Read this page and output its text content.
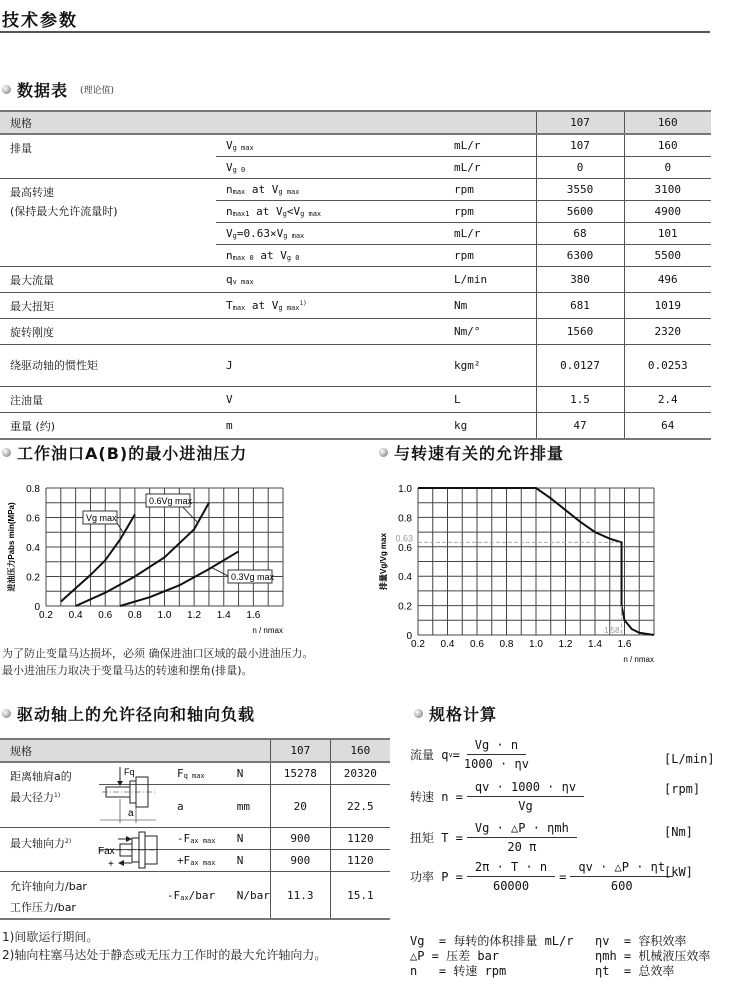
技术参数
数据表 (理论值)
规格			107	160
排量	Vg max	mL/r	107	160
	Vg 0	mL/r	0	0
最高转速
(保持最大允许流量时)	nmax at Vg max	rpm	3550	3100
	nmax1 at Vg<Vg max	rpm	5600	4900
	Vg=0.63×Vg max	mL/r	68	101
	nmax 0 at Vg 0	rpm	6300	5500
最大流量	qv max	L/min	380	496
最大扭矩	Tmax at Vg $\max^{1)}$	Nm	681	1019
旋转刚度		Nm/°	1560	2320
绕驱动轴的惯性矩	J	kgm²	0.0127	0.0253
注油量	V	L	1.5	2.4
重量 (约)	m	kg	47	64
工作油口A(B)的最小进油压力
0.2 0.4 0.6 0.8 1.0 1.2 1.4 1.6
0
0.2
0.4
0.6
0.8
n / nmax
进油压力Pabs min(MPa)	Vg max
0.6Vg max
0.3Vg max
为了防止变量马达损坏，必须 确保进油口区域的最小进油压力。
最小进油压力取决于变量马达的转速和摆角(排量)。
与转速有关的允许排量
0.2 0.4 0.6 0.8 1.0 1.2 1.4 1.6
0
0.2
0.4
0.6
0.8
1.0
n / nmax
排量Vg/Vg max 0.63
1:58
驱动轴上的允许径向和轴向负载
规格				107	160

距离轴肩a的
最大径力$^{1)}$
a
Fq		Fq max	N	15278	20320
		a	mm	20	22.5
最大轴向力$^{2)}$
Fax
+		-Fax max	N	900	1120
		+Fax max	N	900	1120

允许轴向力/bar
工作压力/bar		-Fax/bar	N/bar	11.3	15.1
1)间歇运行期间。
2)轴向柱塞马达处于静态或无压力工作时的最大允许轴向力。
规格计算
流量 q $v = \frac{Vg \cdot n}{1000 \cdot \eta v}$	[L/min]
转速 $n = \frac{qv \cdot 1000 \cdot \eta v}{Vg}$	[rpm]
扭矩 $T = \frac{\text{Vg · △P · ηmh}}{20 \pi}$	[Nm]
功率 $P = \frac{2\pi \cdot T \cdot n}{60000} = \frac{qv \cdot \triangle P \cdot \eta t}{600}$
[kW]
Vg  = 每转的体积排量 mL/r
△P = 压差 bar
n   = 转速 rpm
ηv  = 容积效率
ηmh = 机械液压效率
ηt  = 总效率
